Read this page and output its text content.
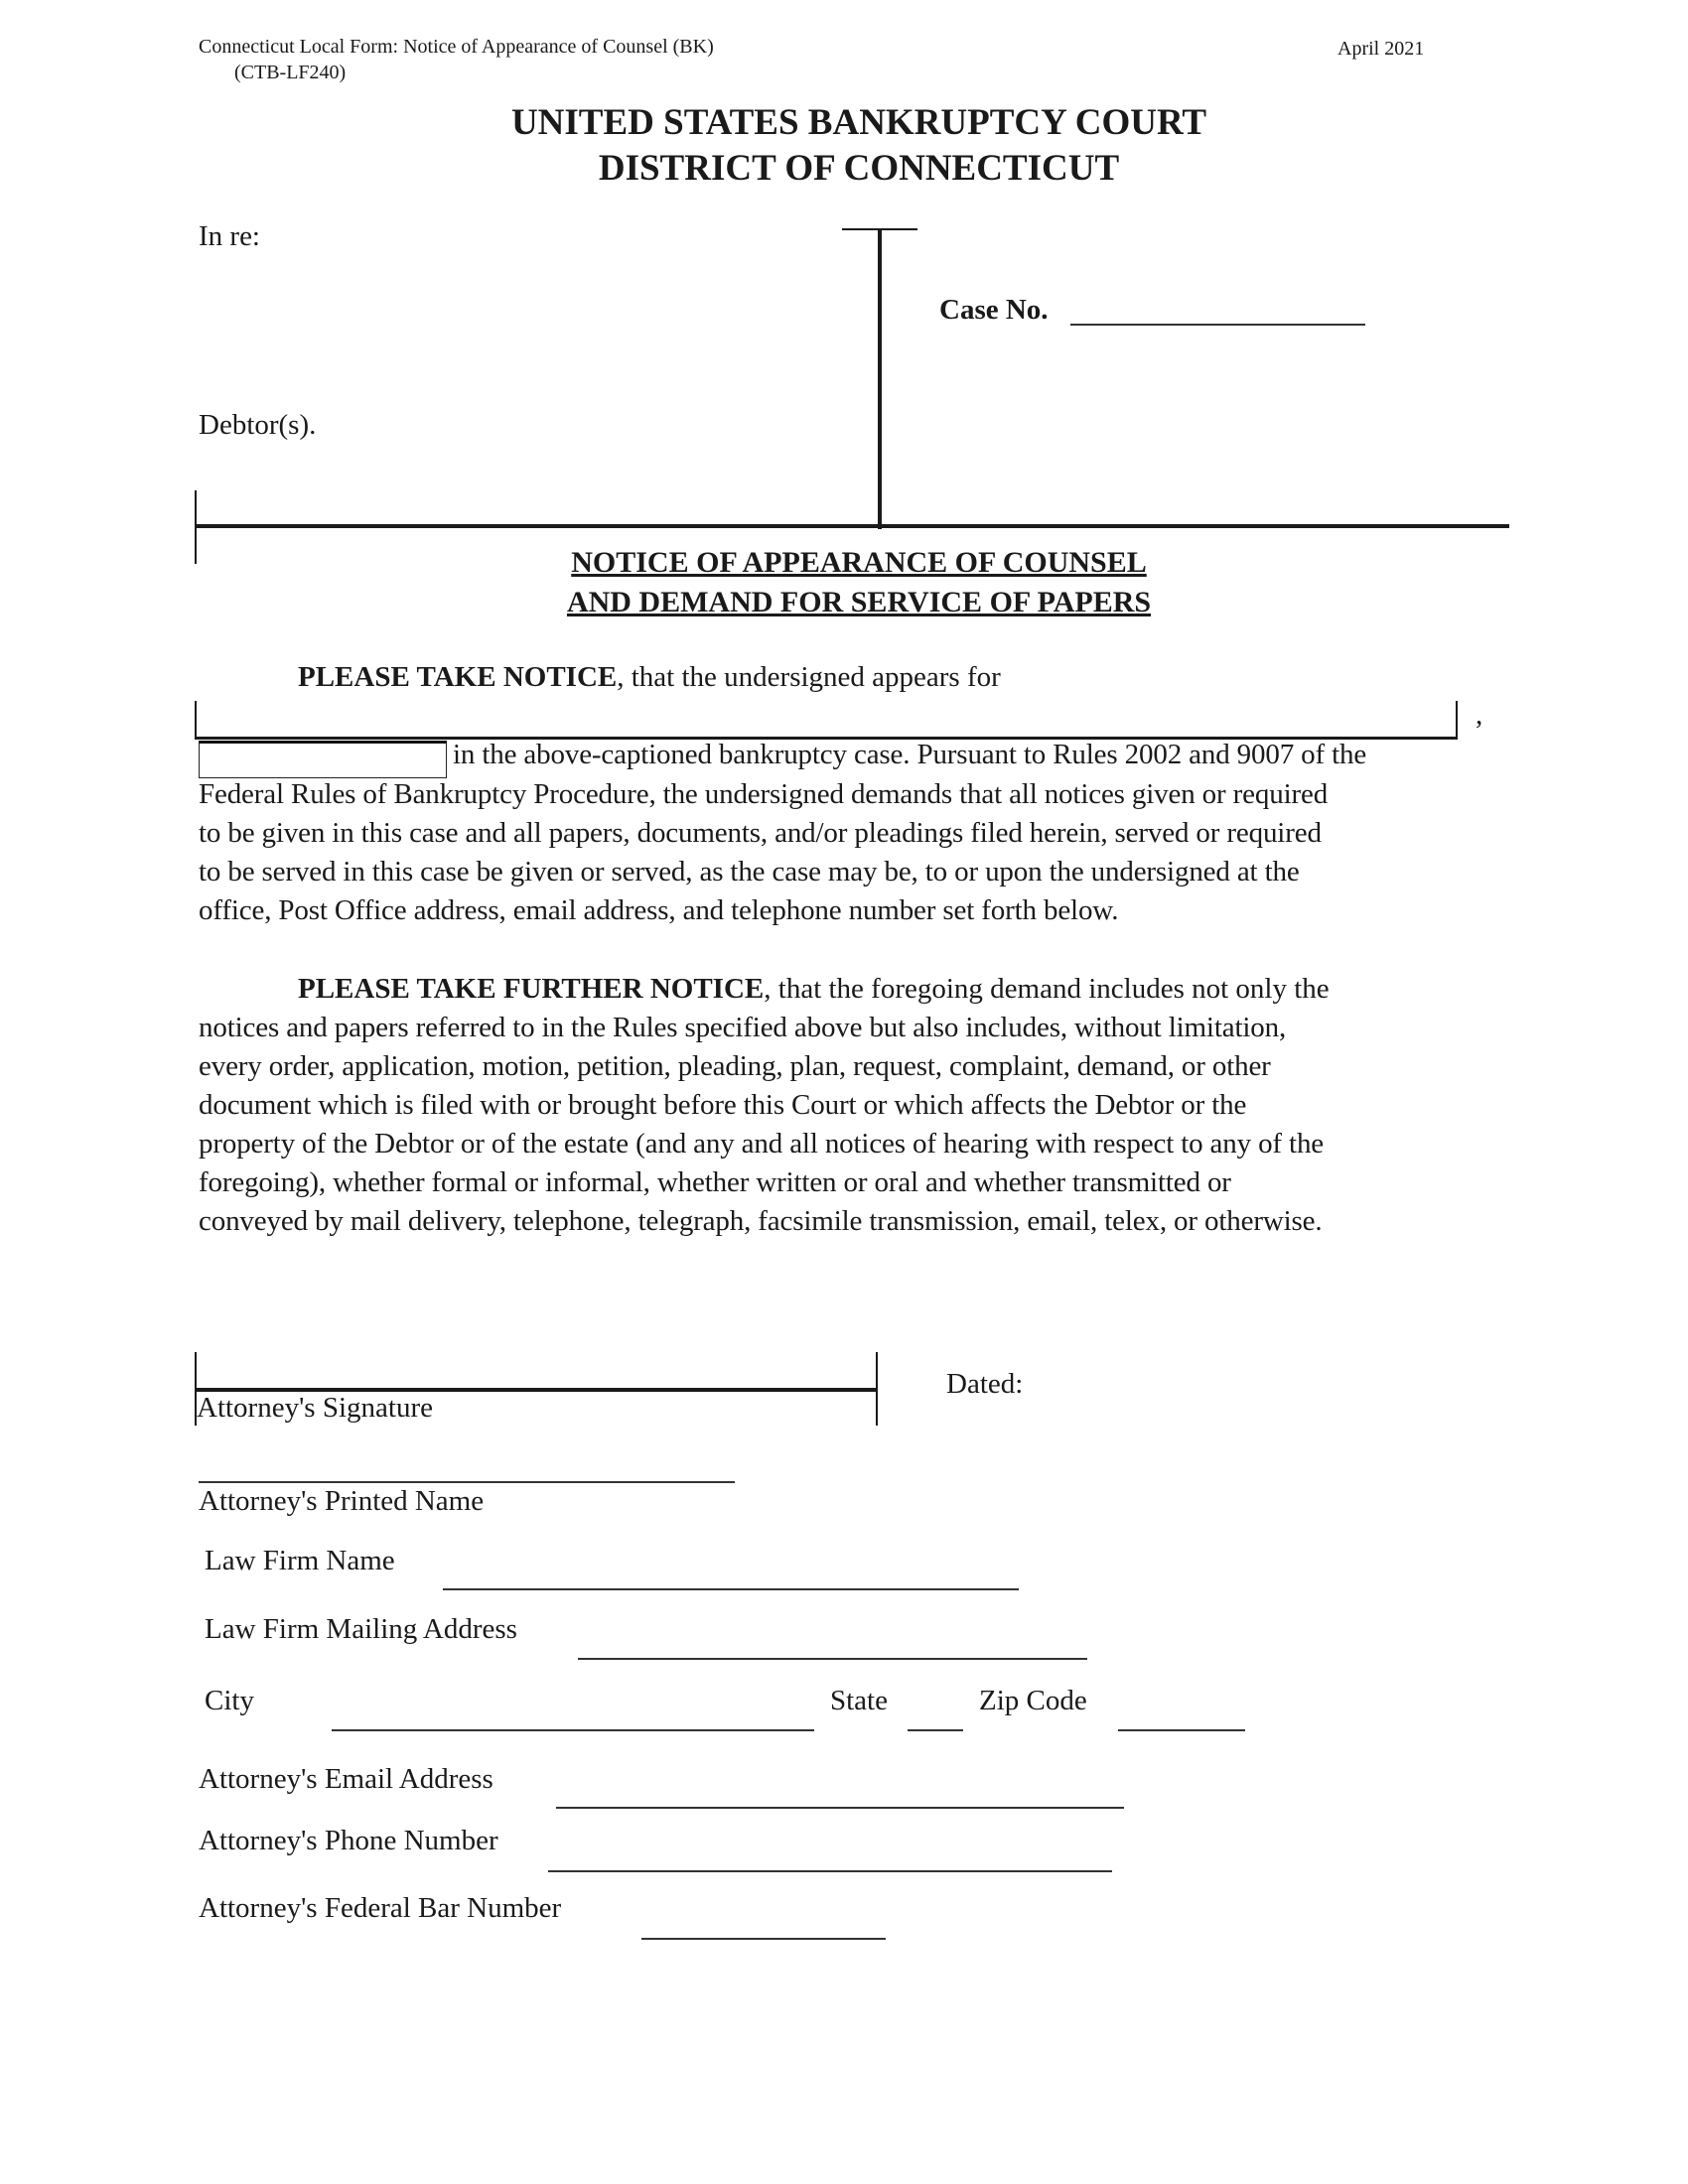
Connecticut Local Form: Notice of Appearance of Counsel (BK)
(CTB-LF240)
April 2021
UNITED STATES BANKRUPTCY COURT
DISTRICT OF CONNECTICUT
In re:
Case No.
Debtor(s).
NOTICE OF APPEARANCE OF COUNSEL
AND DEMAND FOR SERVICE OF PAPERS
PLEASE TAKE NOTICE, that the undersigned appears for
,
in the above-captioned bankruptcy case. Pursuant to Rules 2002 and 9007 of the
Federal Rules of Bankruptcy Procedure, the undersigned demands that all notices given or required
to be given in this case and all papers, documents, and/or pleadings filed herein, served or required
to be served in this case be given or served, as the case may be, to or upon the undersigned at the
office, Post Office address, email address, and telephone number set forth below.
PLEASE TAKE FURTHER NOTICE, that the foregoing demand includes not only the
notices and papers referred to in the Rules specified above but also includes, without limitation,
every order, application, motion, petition, pleading, plan, request, complaint, demand, or other
document which is filed with or brought before this Court or which affects the Debtor or the
property of the Debtor or of the estate (and any and all notices of hearing with respect to any of the
foregoing), whether formal or informal, whether written or oral and whether transmitted or
conveyed by mail delivery, telephone, telegraph, facsimile transmission, email, telex, or otherwise.
Attorney's Signature
Dated:
Attorney's Printed Name
Law Firm Name
Law Firm Mailing Address
City	State	Zip Code
Attorney's Email Address
Attorney's Phone Number
Attorney's Federal Bar Number
